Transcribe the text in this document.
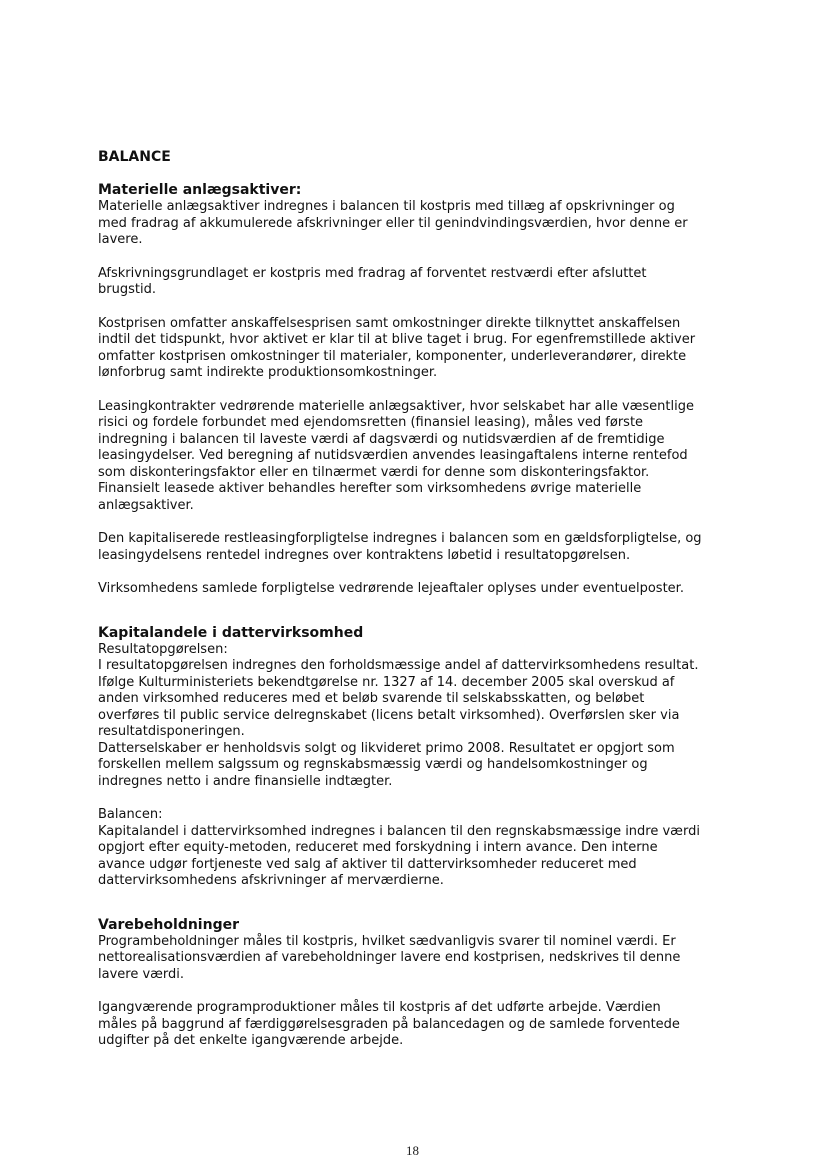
BALANCE

Materielle anlægsaktiver:

Materielle anlægsaktiver indregnes i balancen til kostpris med tillæg af opskrivninger og
med fradrag af akkumulerede afskrivninger eller til genindvindingsværdien, hvor denne er
lavere.

Afskrivningsgrundlaget er kostpris med fradrag af forventet restværdi efter afsluttet
brugstid.

Kostprisen omfatter anskaffelsesprisen samt omkostninger direkte tilknyttet anskaffelsen
indtil det tidspunkt, hvor aktivet er klar til at blive taget i brug. For egenfremstillede aktiver
omfatter kostprisen omkostninger til materialer, komponenter, underleverandører, direkte
lønforbrug samt indirekte produktionsomkostninger.

Leasingkontrakter vedrørende materielle anlægsaktiver, hvor selskabet har alle væsentlige
risici og fordele forbundet med ejendomsretten (finansiel leasing), måles ved første
indregning i balancen til laveste værdi af dagsværdi og nutidsværdien af de fremtidige
leasingydelser. Ved beregning af nutidsværdien anvendes leasingaftalens interne rentefod
som diskonteringsfaktor eller en tilnærmet værdi for denne som diskonteringsfaktor.
Finansielt leasede aktiver behandles herefter som virksomhedens øvrige materielle
anlægsaktiver.

Den kapitaliserede restleasingforpligtelse indregnes i balancen som en gældsforpligtelse, og
leasingydelsens rentedel indregnes over kontraktens løbetid i resultatopgørelsen.

Virksomhedens samlede forpligtelse vedrørende lejeaftaler oplyses under eventuelposter.

Kapitalandele i dattervirksomhed

Resultatopgørelsen:
I resultatopgørelsen indregnes den forholdsmæssige andel af dattervirksomhedens resultat.
Ifølge Kulturministeriets bekendtgørelse nr. 1327 af 14. december 2005 skal overskud af
anden virksomhed reduceres med et beløb svarende til selskabsskatten, og beløbet
overføres til public service delregnskabet (licens betalt virksomhed). Overførslen sker via
resultatdisponeringen.
Datterselskaber er henholdsvis solgt og likvideret primo 2008. Resultatet er opgjort som
forskellen mellem salgssum og regnskabsmæssig værdi og handelsomkostninger og
indregnes netto i andre finansielle indtægter.

Balancen:
Kapitalandel i dattervirksomhed indregnes i balancen til den regnskabsmæssige indre værdi
opgjort efter equity-metoden, reduceret med forskydning i intern avance. Den interne
avance udgør fortjeneste ved salg af aktiver til dattervirksomheder reduceret med
dattervirksomhedens afskrivninger af merværdierne.

Varebeholdninger

Programbeholdninger måles til kostpris, hvilket sædvanligvis svarer til nominel værdi. Er
nettorealisationsværdien af varebeholdninger lavere end kostprisen, nedskrives til denne
lavere værdi.

Igangværende programproduktioner måles til kostpris af det udførte arbejde. Værdien
måles på baggrund af færdiggørelsesgraden på balancedagen og de samlede forventede
udgifter på det enkelte igangværende arbejde.

18
